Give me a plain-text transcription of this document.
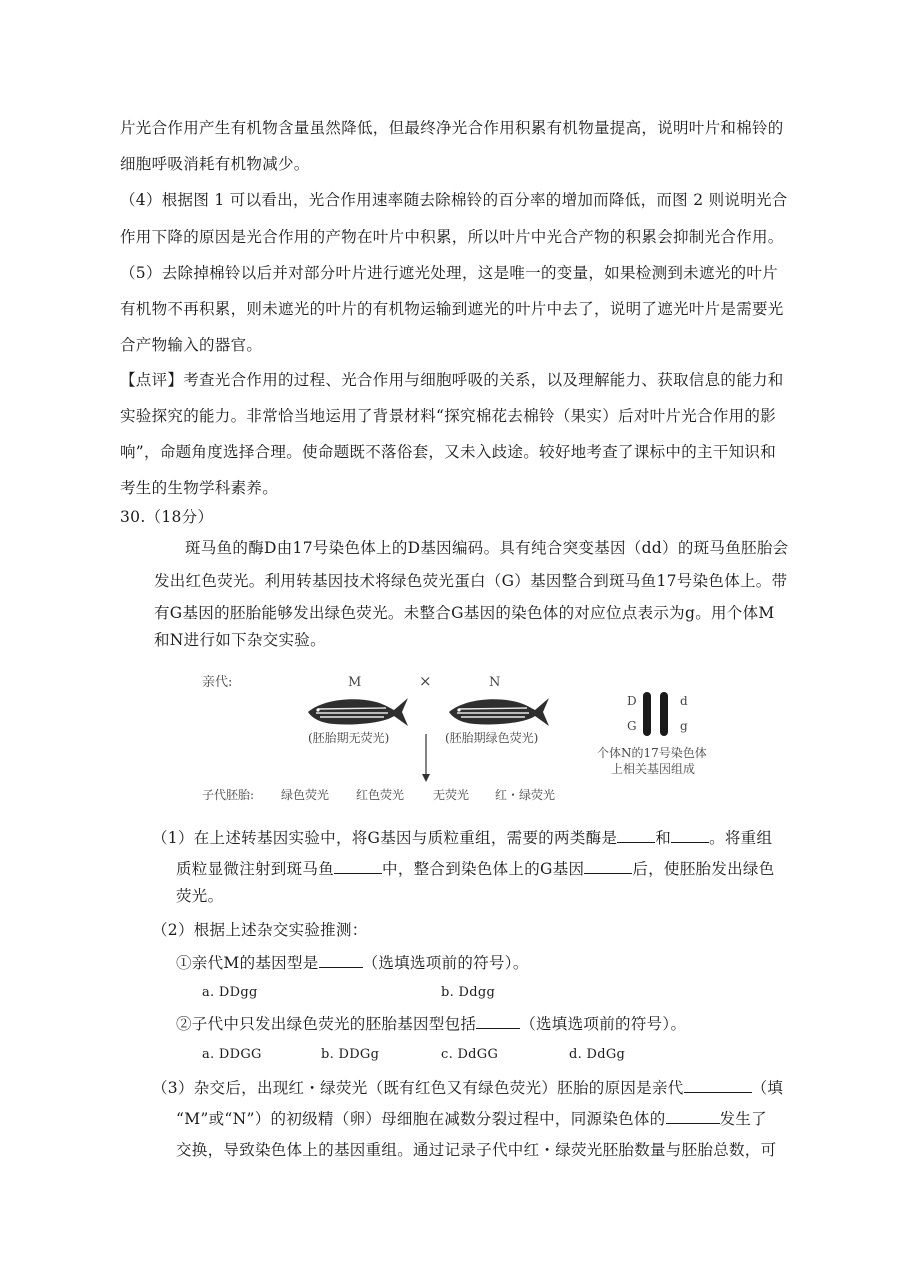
片光合作用产生有机物含量虽然降低，但最终净光合作用积累有机物量提高，说明叶片和棉铃的
细胞呼吸消耗有机物减少。
（4）根据图 1 可以看出，光合作用速率随去除棉铃的百分率的增加而降低，而图 2 则说明光合
作用下降的原因是光合作用的产物在叶片中积累，所以叶片中光合产物的积累会抑制光合作用。
（5）去除掉棉铃以后并对部分叶片进行遮光处理，这是唯一的变量，如果检测到未遮光的叶片
有机物不再积累，则未遮光的叶片的有机物运输到遮光的叶片中去了，说明了遮光叶片是需要光
合产物输入的器官。
【点评】考查光合作用的过程、光合作用与细胞呼吸的关系，以及理解能力、获取信息的能力和
实验探究的能力。非常恰当地运用了背景材料“探究棉花去棉铃（果实）后对叶片光合作用的影
响”，命题角度选择合理。使命题既不落俗套，又未入歧途。较好地考查了课标中的主干知识和
考生的生物学科素养。
30.（18分）
斑马鱼的酶D由17号染色体上的D基因编码。具有纯合突变基因（dd）的斑马鱼胚胎会
发出红色荧光。利用转基因技术将绿色荧光蛋白（G）基因整合到斑马鱼17号染色体上。带
有G基因的胚胎能够发出绿色荧光。未整合G基因的染色体的对应位点表示为g。用个体M
和N进行如下杂交实验。
亲代:	M	×	N
(胚胎期无荧光)	(胚胎期绿色荧光)
D
G
d
g
个体N的17号染色体
上相关基因组成
子代胚胎: 绿色荧光 红色荧光 无荧光 红・绿荧光
（1）在上述转基因实验中，将G基因与质粒重组，需要的两类酶是 和 。将重组
质粒显微注射到斑马鱼	中，整合到染色体上的G基因	后，使胚胎发出绿色
荧光。
（2）根据上述杂交实验推测：
①亲代M的基因型是	（选填选项前的符号）。
a. DDgg	b. Ddgg
②子代中只发出绿色荧光的胚胎基因型包括	（选填选项前的符号）。
a. DDGG	b. DDGg	c. DdGG	d. DdGg
（3）杂交后，出现红・绿荧光（既有红色又有绿色荧光）胚胎的原因是亲代	（填
“M”或“N”）的初级精（卵）母细胞在减数分裂过程中，同源染色体的	发生了
交换，导致染色体上的基因重组。通过记录子代中红・绿荧光胚胎数量与胚胎总数，可
